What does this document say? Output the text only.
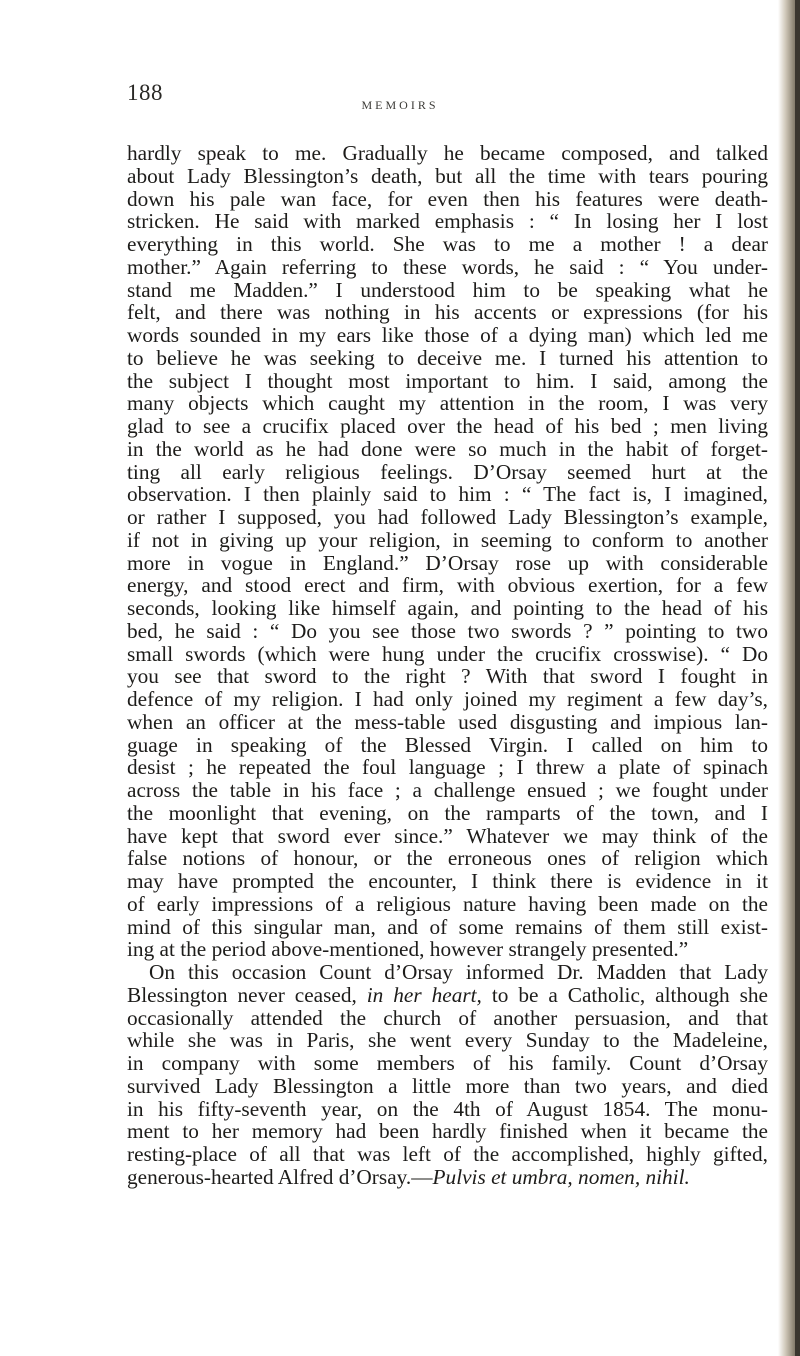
188	MEMOIRS
hardly speak to me. Gradually he became composed, and talked
about Lady Blessington’s death, but all the time with tears pouring
down his pale wan face, for even then his features were death-
stricken. He said with marked emphasis : “ In losing her I lost
everything in this world. She was to me a mother ! a dear
mother.” Again referring to these words, he said : “ You under-
stand me Madden.” I understood him to be speaking what he
felt, and there was nothing in his accents or expressions (for his
words sounded in my ears like those of a dying man) which led me
to believe he was seeking to deceive me. I turned his attention to
the subject I thought most important to him. I said, among the
many objects which caught my attention in the room, I was very
glad to see a crucifix placed over the head of his bed ; men living
in the world as he had done were so much in the habit of forget-
ting all early religious feelings. D’Orsay seemed hurt at the
observation. I then plainly said to him : “ The fact is, I imagined,
or rather I supposed, you had followed Lady Blessington’s example,
if not in giving up your religion, in seeming to conform to another
more in vogue in England.” D’Orsay rose up with considerable
energy, and stood erect and firm, with obvious exertion, for a few
seconds, looking like himself again, and pointing to the head of his
bed, he said : “ Do you see those two swords ? ” pointing to two
small swords (which were hung under the crucifix crosswise). “ Do
you see that sword to the right ? With that sword I fought in
defence of my religion. I had only joined my regiment a few day’s,
when an officer at the mess-table used disgusting and impious lan-
guage in speaking of the Blessed Virgin. I called on him to
desist ; he repeated the foul language ; I threw a plate of spinach
across the table in his face ; a challenge ensued ; we fought under
the moonlight that evening, on the ramparts of the town, and I
have kept that sword ever since.” Whatever we may think of the
false notions of honour, or the erroneous ones of religion which
may have prompted the encounter, I think there is evidence in it
of early impressions of a religious nature having been made on the
mind of this singular man, and of some remains of them still exist-
ing at the period above-mentioned, however strangely presented.”
On this occasion Count d’Orsay informed Dr. Madden that Lady
Blessington never ceased, in her heart, to be a Catholic, although she
occasionally attended the church of another persuasion, and that
while she was in Paris, she went every Sunday to the Madeleine,
in company with some members of his family. Count d’Orsay
survived Lady Blessington a little more than two years, and died
in his fifty-seventh year, on the 4th of August 1854. The monu-
ment to her memory had been hardly finished when it became the
resting-place of all that was left of the accomplished, highly gifted,
generous-hearted Alfred d’Orsay.—Pulvis et umbra, nomen, nihil.
